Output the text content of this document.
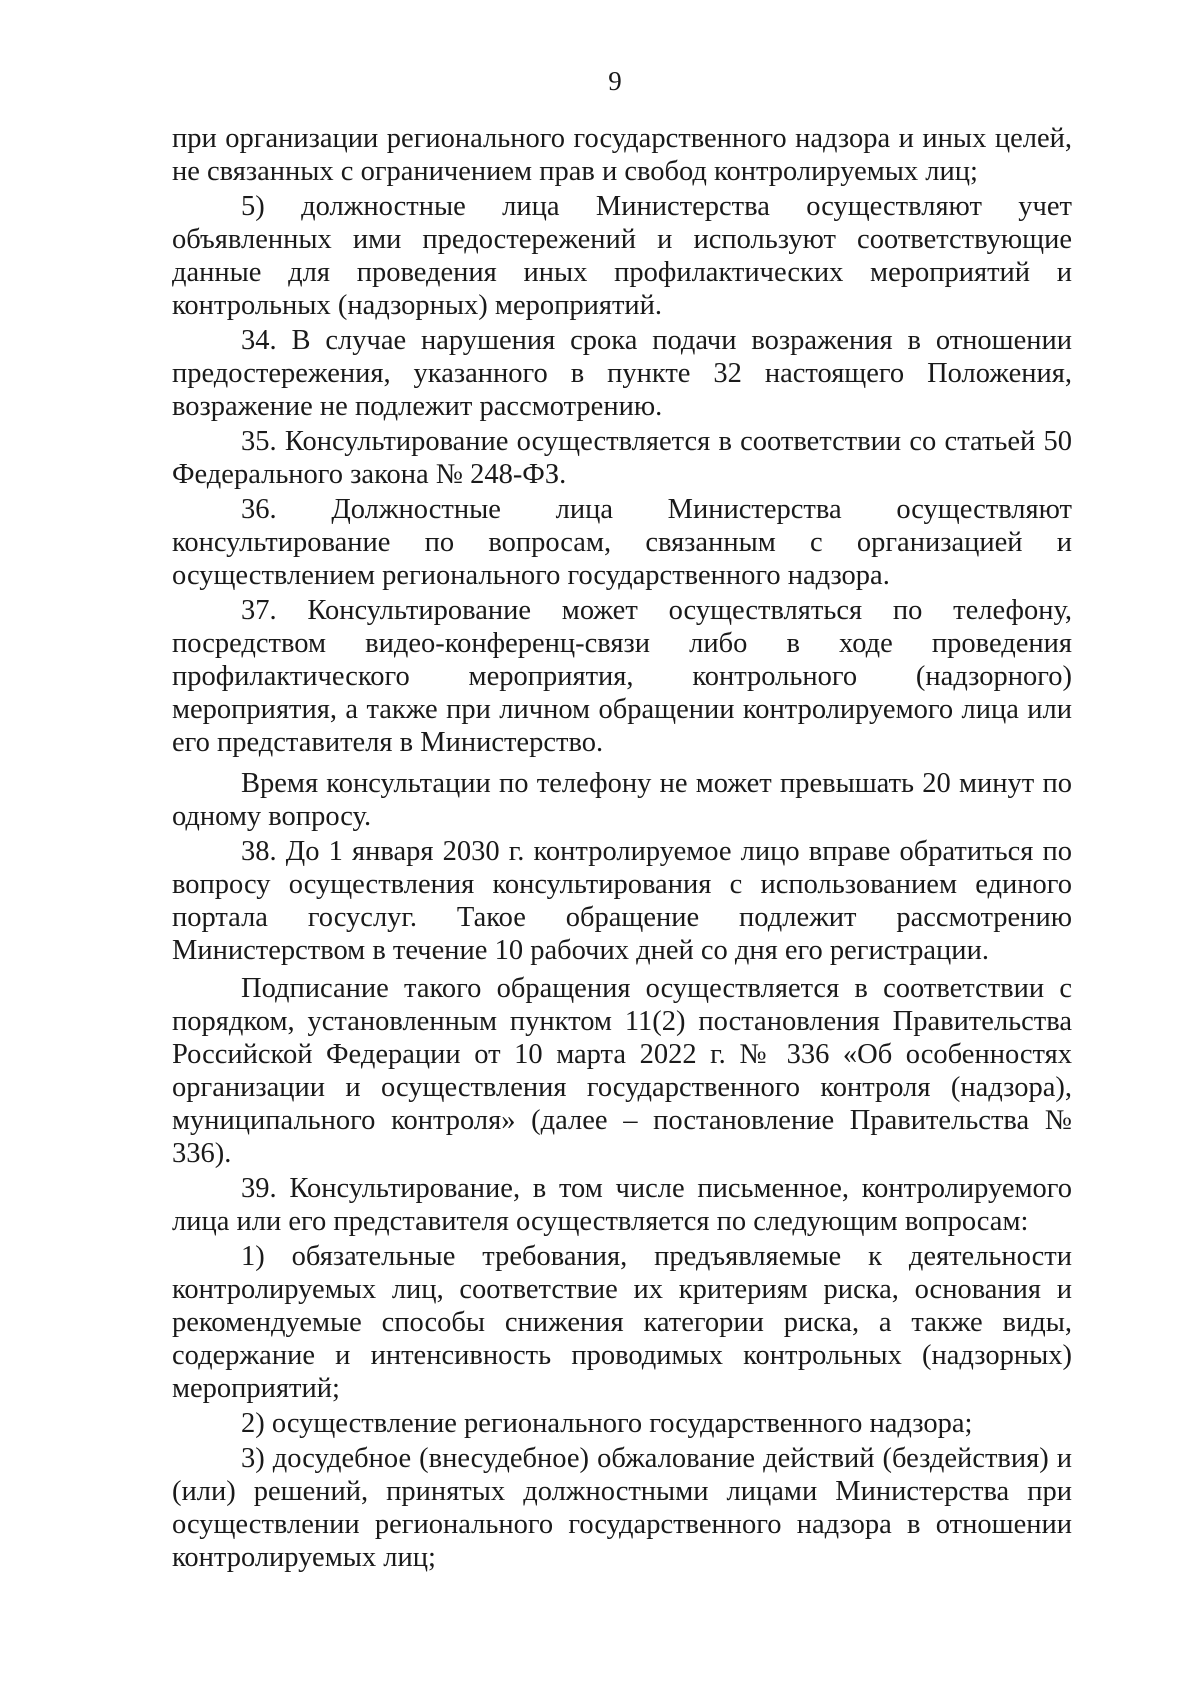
9

при организации регионального государственного надзора и иных целей, не связанных с ограничением прав и свобод контролируемых лиц;

5) должностные лица Министерства осуществляют учет объявленных ими предостережений и используют соответствующие данные для проведения иных профилактических мероприятий и контрольных (надзорных) мероприятий.

34. В случае нарушения срока подачи возражения в отношении предостережения, указанного в пункте 32 настоящего Положения, возражение не подлежит рассмотрению.

35. Консультирование осуществляется в соответствии со статьей 50 Федерального закона № 248-ФЗ.

36. Должностные лица Министерства осуществляют консультирование по вопросам, связанным с организацией и осуществлением регионального государственного надзора.

37. Консультирование может осуществляться по телефону, посредством видео-конференц-связи либо в ходе проведения профилактического мероприятия, контрольного (надзорного) мероприятия, а также при личном обращении контролируемого лица или его представителя в Министерство.

Время консультации по телефону не может превышать 20 минут по одному вопросу.

38. До 1 января 2030 г. контролируемое лицо вправе обратиться по вопросу осуществления консультирования с использованием единого портала госуслуг. Такое обращение подлежит рассмотрению Министерством в течение 10 рабочих дней со дня его регистрации.

Подписание такого обращения осуществляется в соответствии с порядком, установленным пунктом 11(2) постановления Правительства Российской Федерации от 10 марта 2022 г. № 336 «Об особенностях организации и осуществления государственного контроля (надзора), муниципального контроля» (далее – постановление Правительства № 336).

39. Консультирование, в том числе письменное, контролируемого лица или его представителя осуществляется по следующим вопросам:

1) обязательные требования, предъявляемые к деятельности контролируемых лиц, соответствие их критериям риска, основания и рекомендуемые способы снижения категории риска, а также виды, содержание и интенсивность проводимых контрольных (надзорных) мероприятий;

2) осуществление регионального государственного надзора;

3) досудебное (внесудебное) обжалование действий (бездействия) и (или) решений, принятых должностными лицами Министерства при осуществлении регионального государственного надзора в отношении контролируемых лиц;
